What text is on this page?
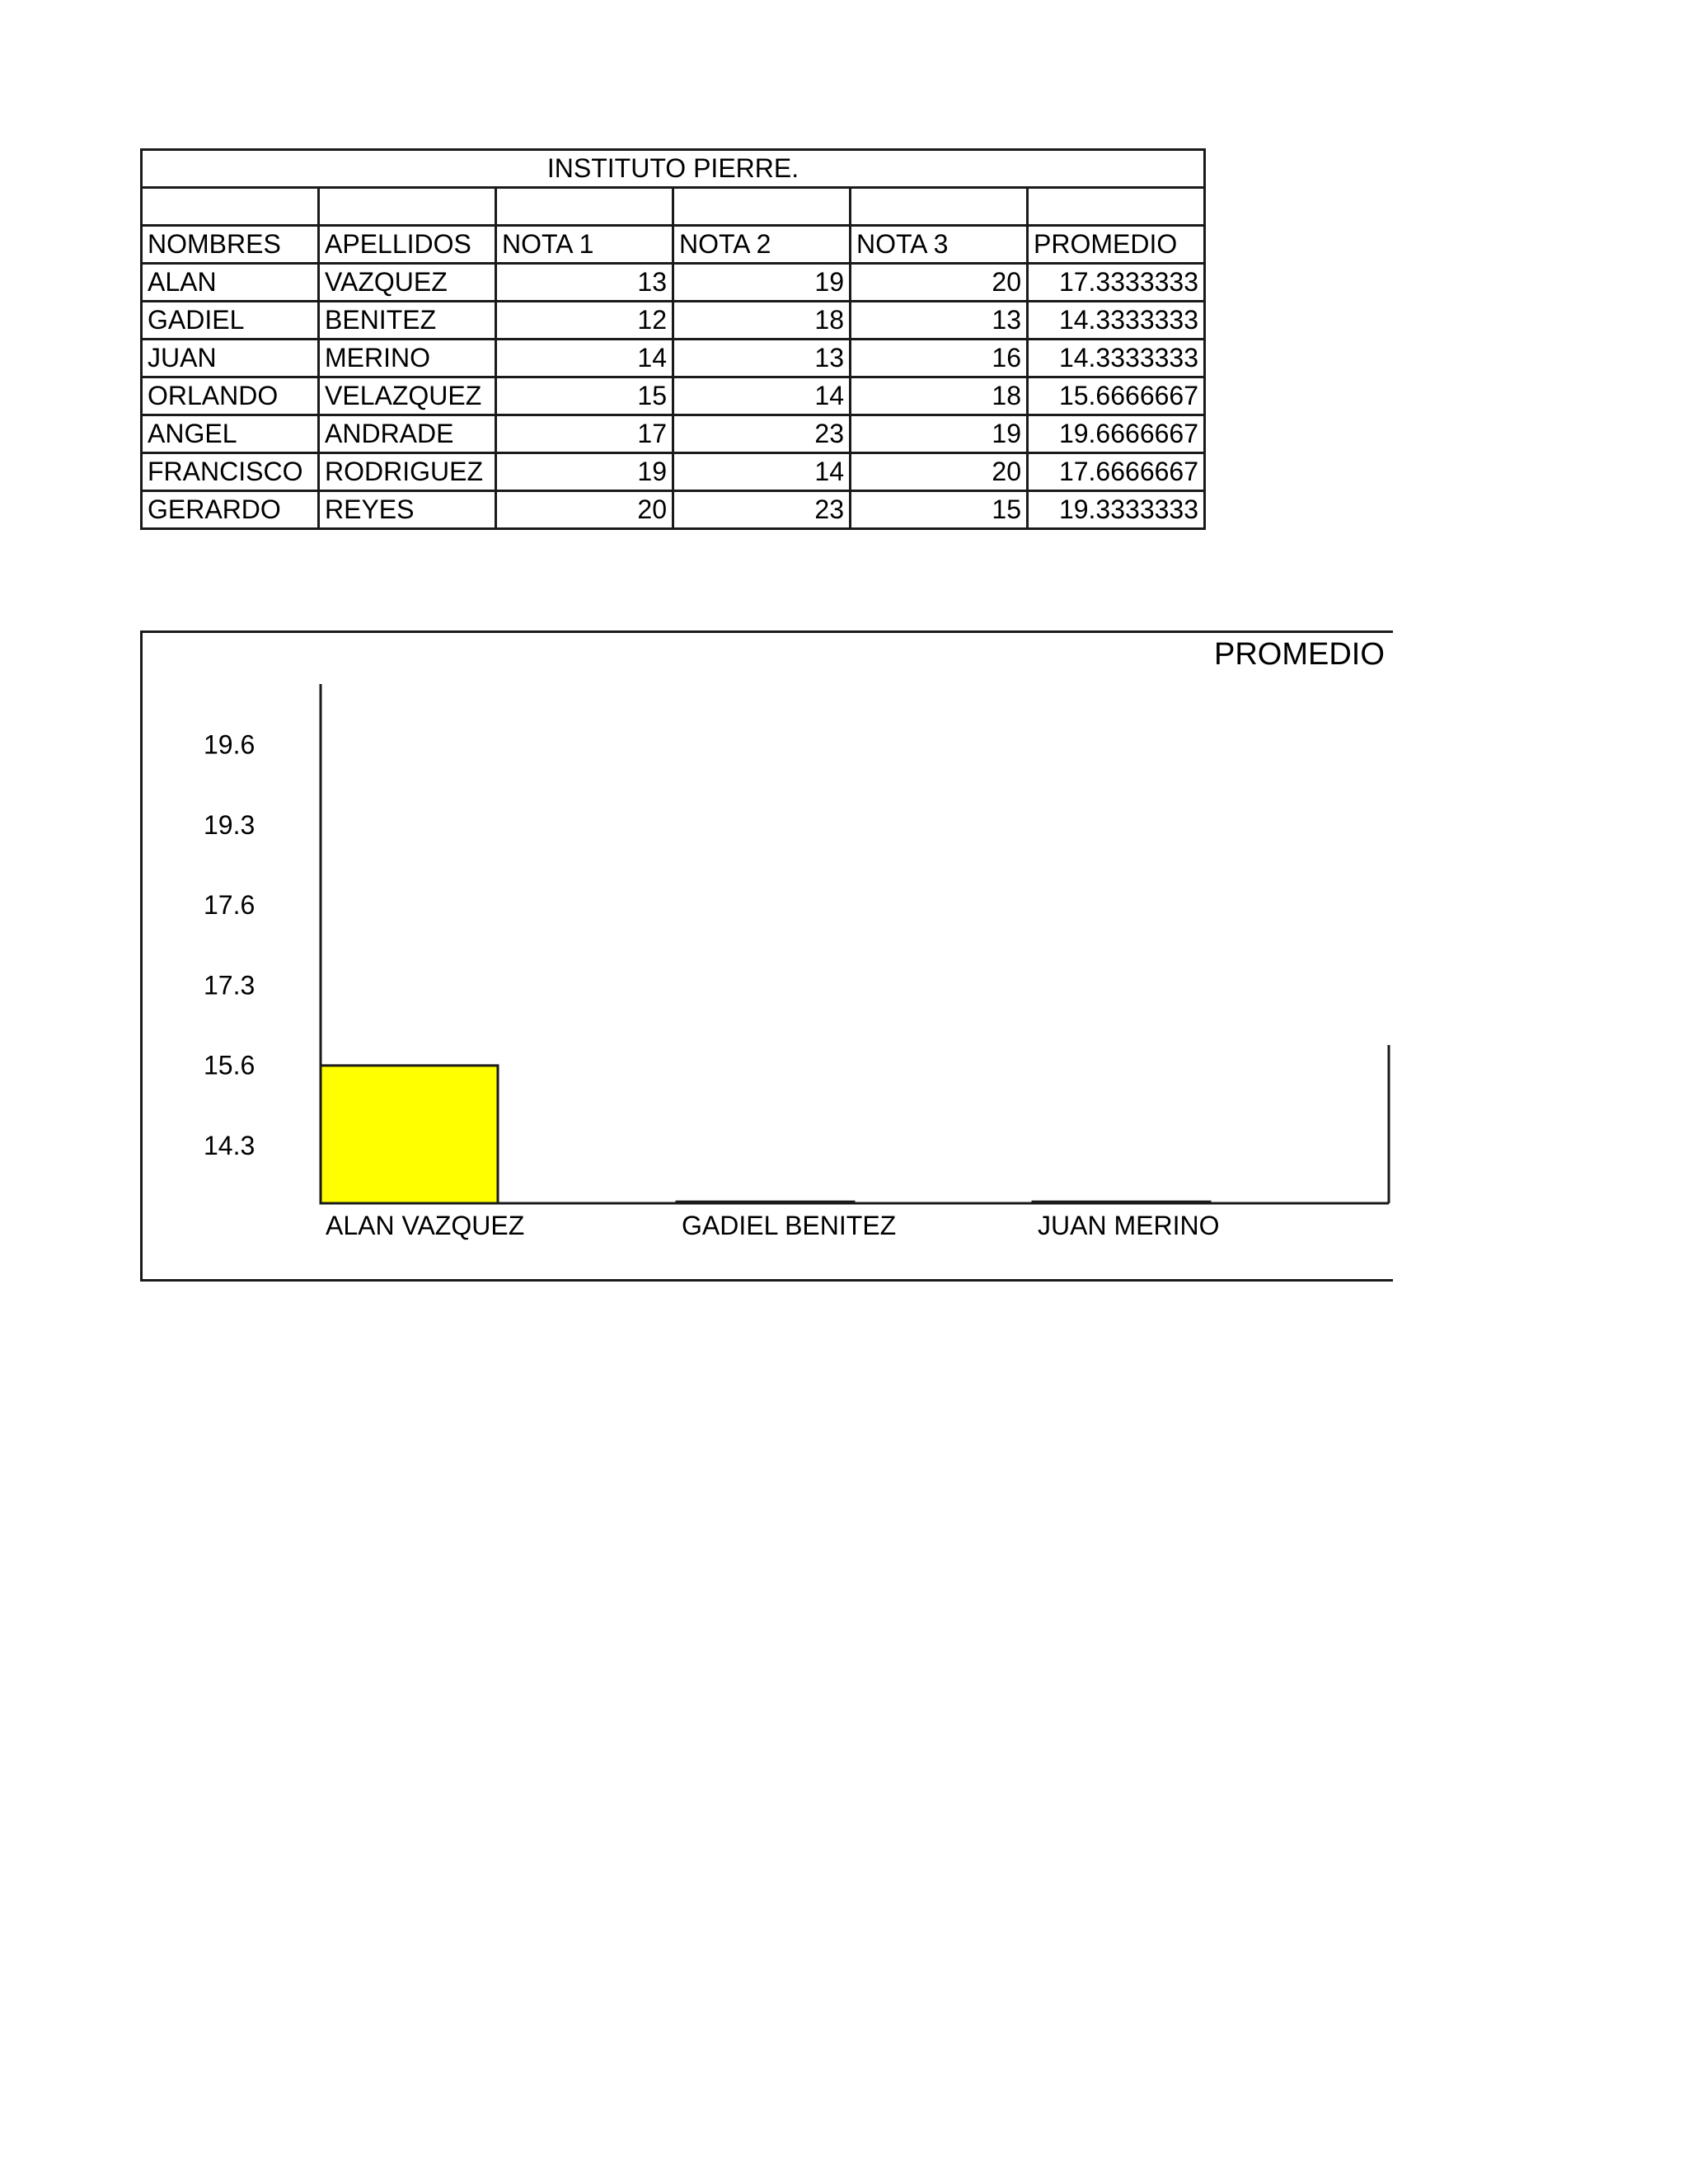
INSTITUTO PIERRE.					

NOMBRES	APELLIDOS	NOTA 1	NOTA 2	NOTA 3	PROMEDIO
ALAN	VAZQUEZ	13	19	20	17.3333333
GADIEL	BENITEZ	12	18	13	14.3333333
JUAN	MERINO	14	13	16	14.3333333
ORLANDO	VELAZQUEZ	15	14	18	15.6666667
ANGEL	ANDRADE	17	23	19	19.6666667
FRANCISCO	RODRIGUEZ	19	14	20	17.6666667
GERARDO	REYES	20	23	15	19.3333333
PROMEDIO
14.3
15.6
17.3
17.6
19.3
19.6
ALAN VAZQUEZ	GADIEL BENITEZ	JUAN MERINO
